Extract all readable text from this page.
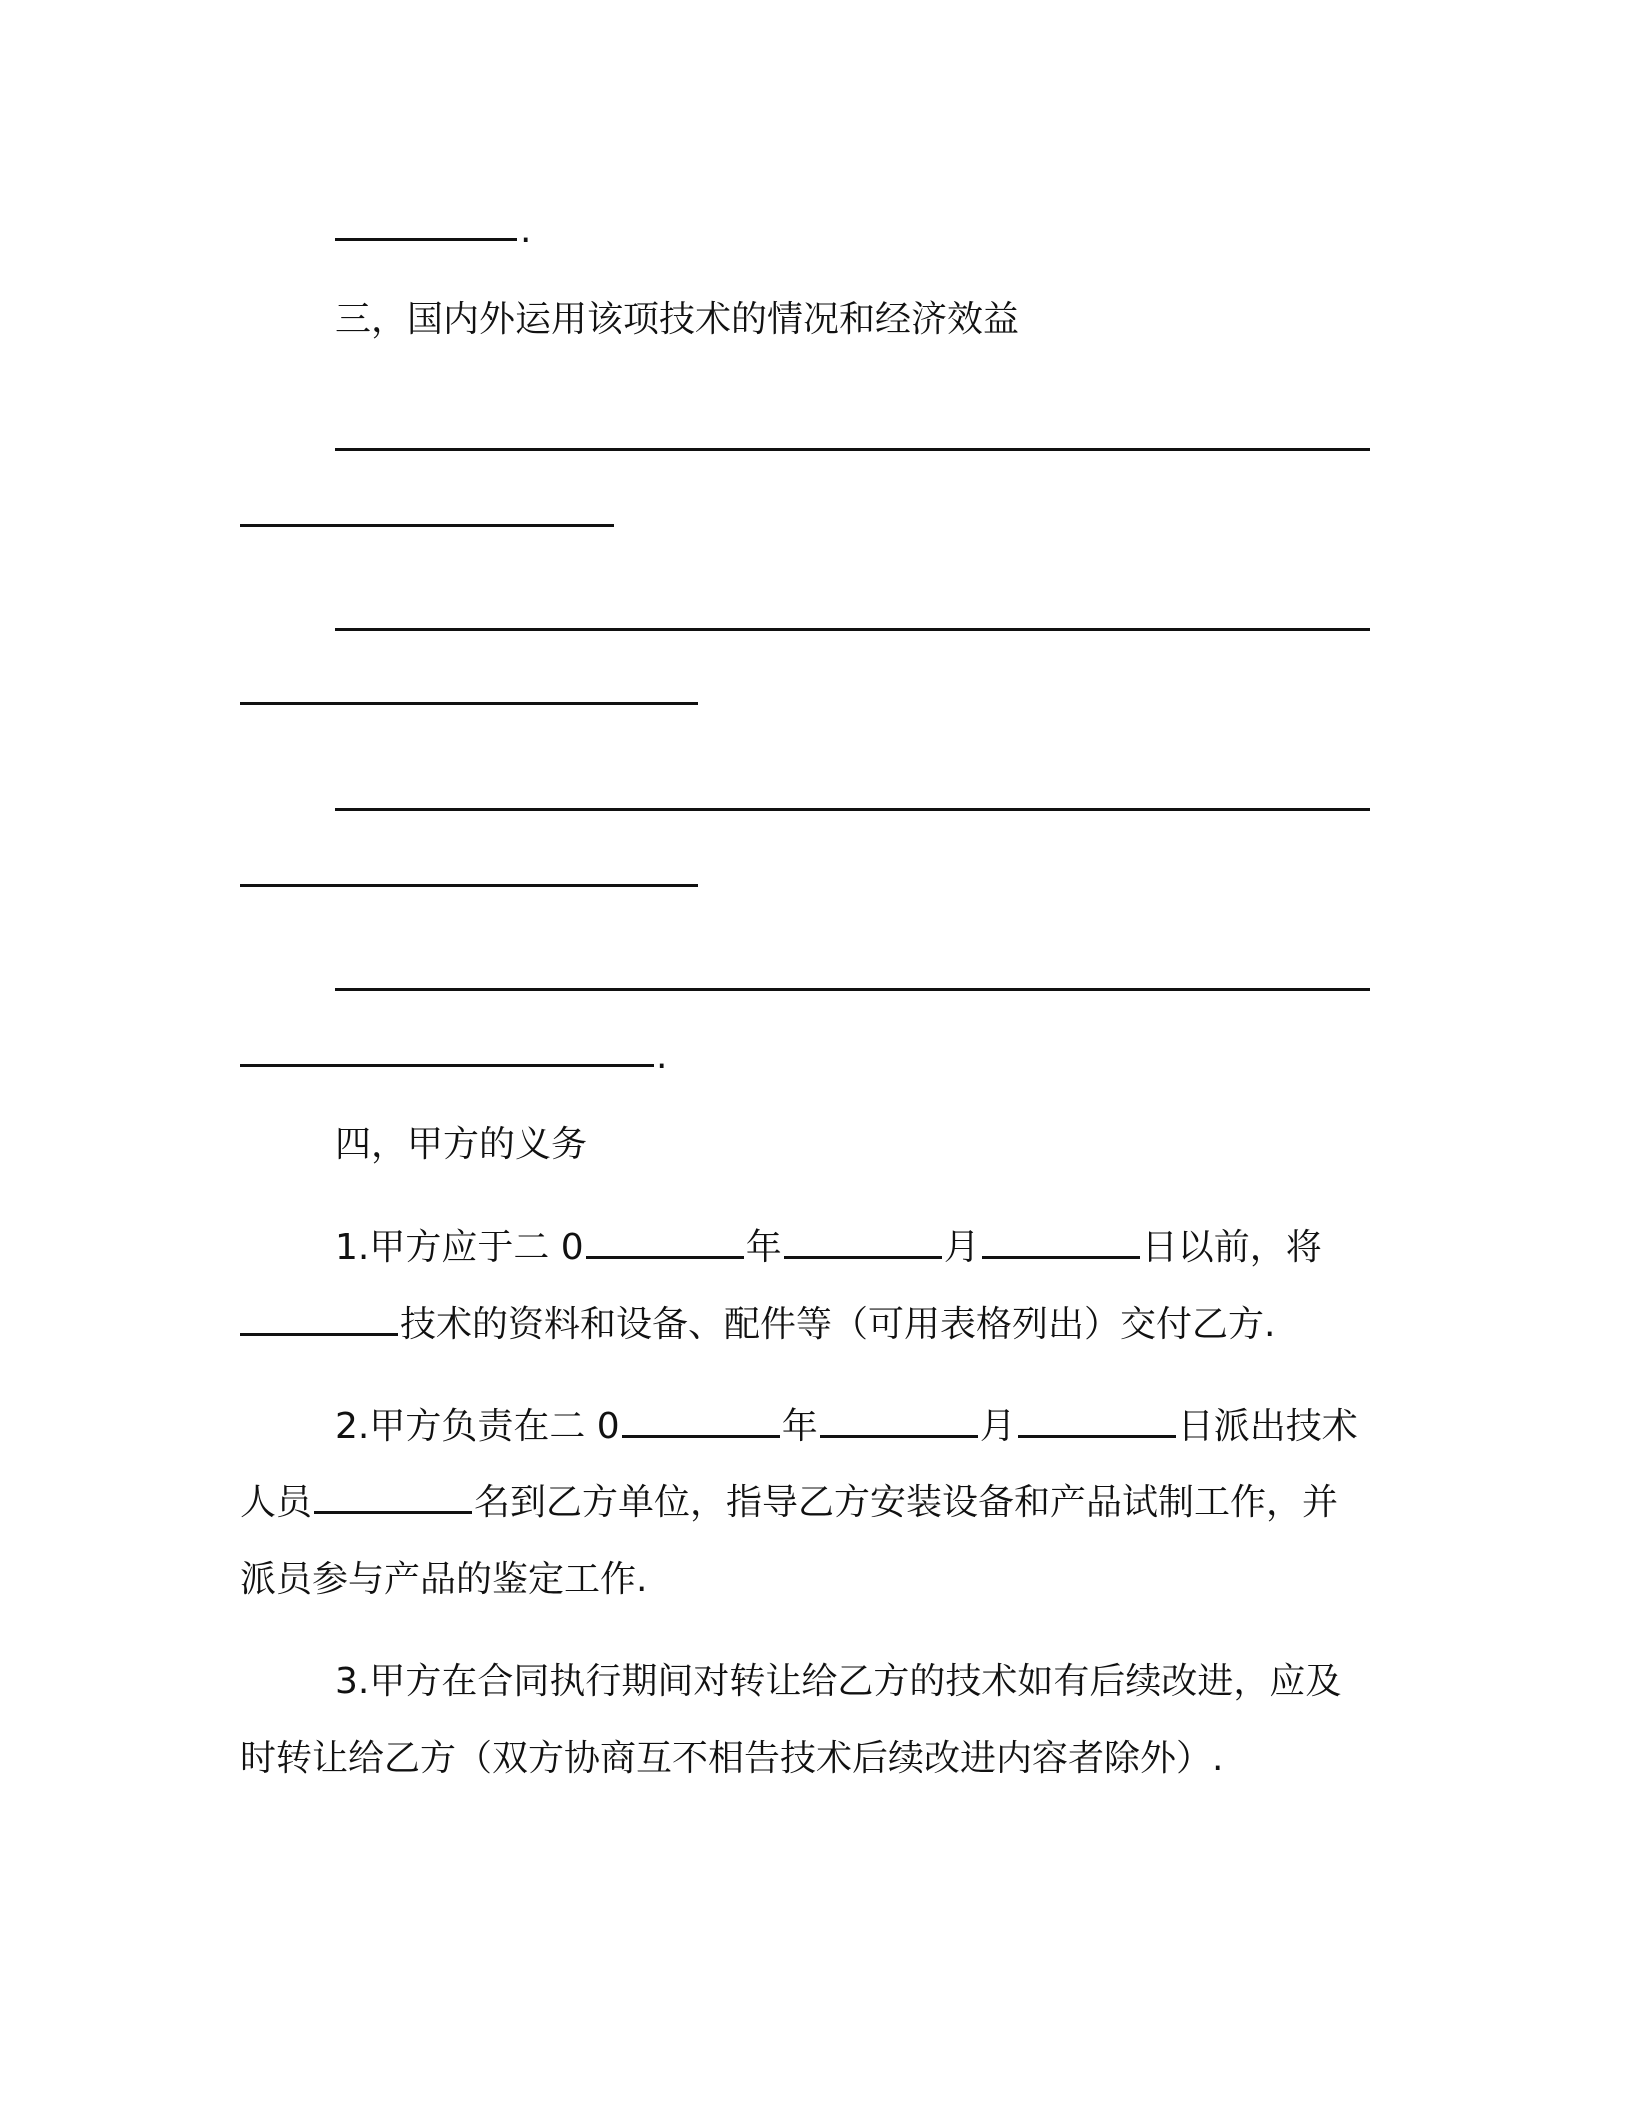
.
三，国内外运用该项技术的情况和经济效益
.
四，甲方的义务
1.甲方应于二 0	年	月	日以前，将
技术的资料和设备、配件等（可用表格列出）交付乙方.
2.甲方负责在二 0	年	月	日派出技术
人员	名到乙方单位，指导乙方安装设备和产品试制工作，并
派员参与产品的鉴定工作.
3.甲方在合同执行期间对转让给乙方的技术如有后续改进，应及
时转让给乙方（双方协商互不相告技术后续改进内容者除外）.
